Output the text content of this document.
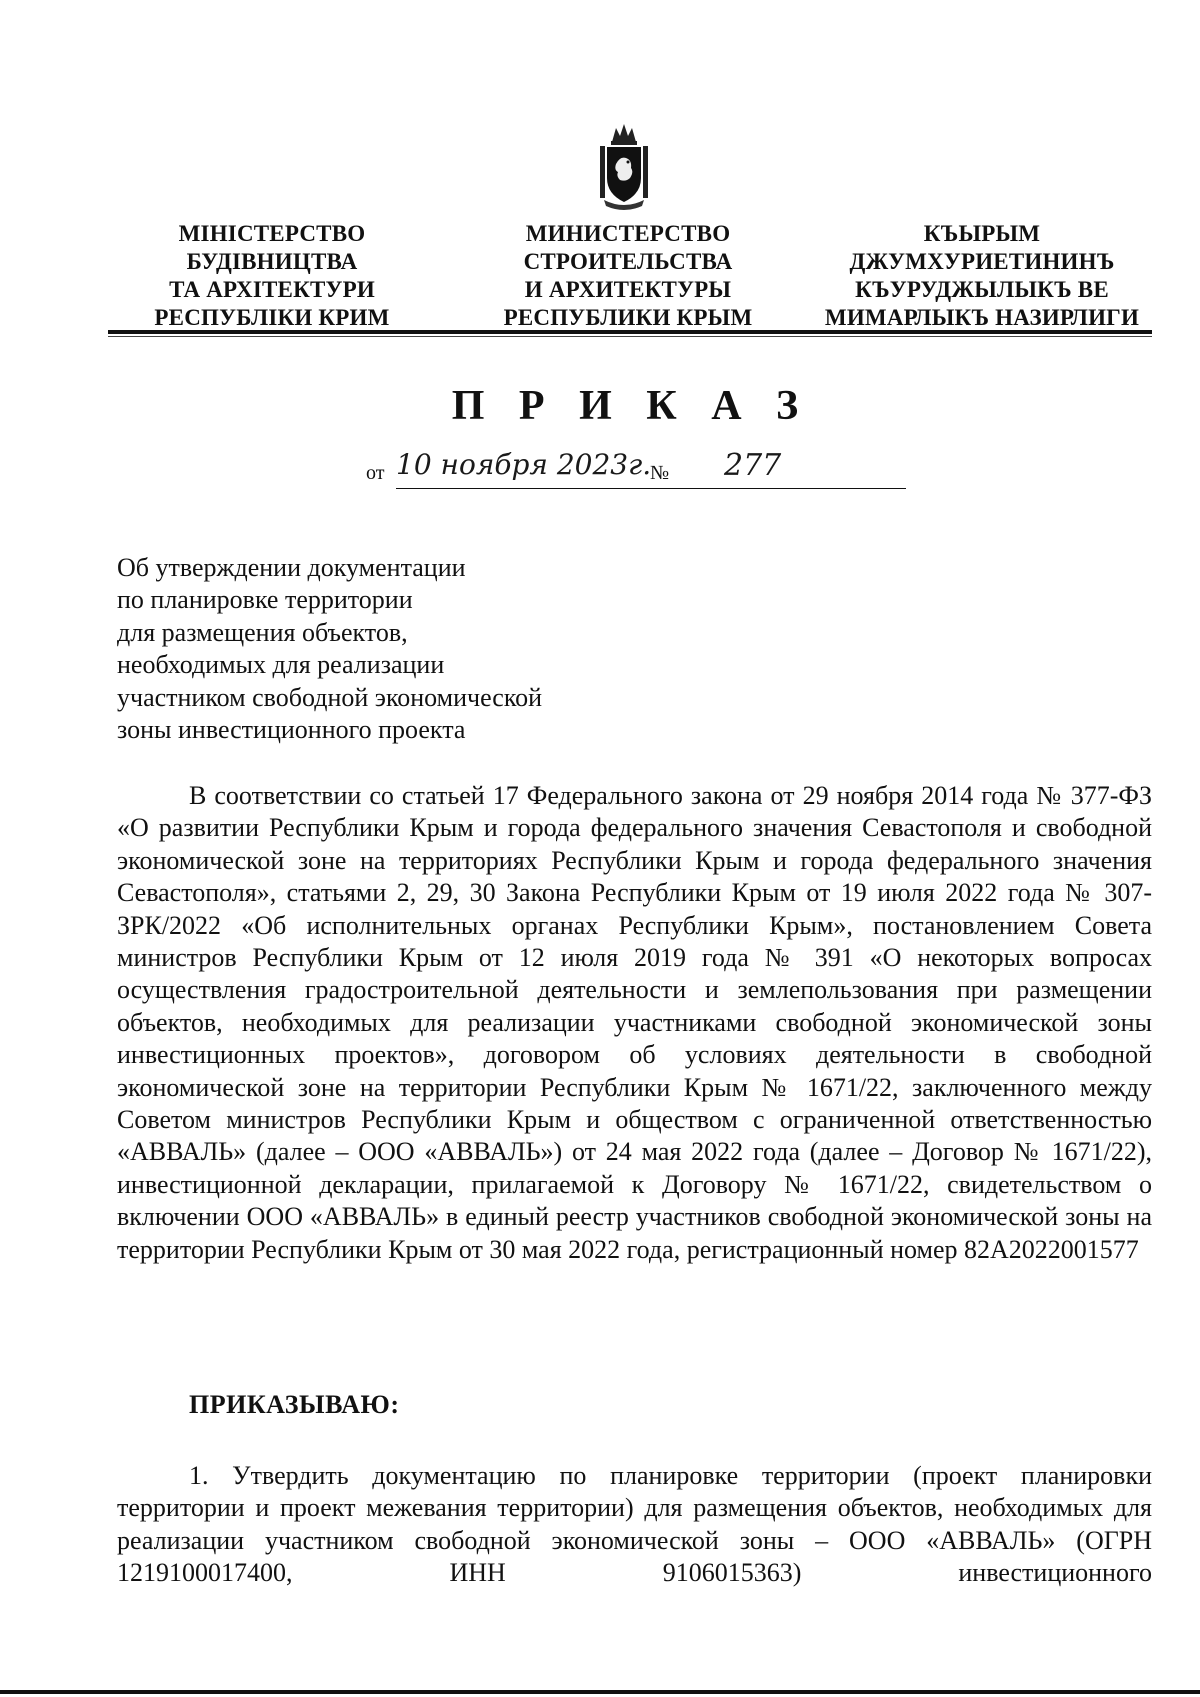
МІНІСТЕРСТВО
БУДІВНИЦТВА
ТА АРХІТЕКТУРИ
РЕСПУБЛІКИ КРИМ
МИНИСТЕРСТВО
СТРОИТЕЛЬСТВА
И АРХИТЕКТУРЫ
РЕСПУБЛИКИ КРЫМ
КЪЫРЫМ
ДЖУМХУРИЕТИНИНЪ
КЪУРУДЖЫЛЫКЪ ВЕ
МИМАРЛЫКЪ НАЗИРЛИГИ
П Р И К А З
от 10 ноября 2023г.
№ 277
Об утверждении документации
по планировке территории
для размещения объектов,
необходимых для реализации
участником свободной экономической
зоны инвестиционного проекта

В соответствии со статьей 17 Федерального закона от 29 ноября 2014 года № 377-ФЗ «О развитии Республики Крым и города федерального значения Севастополя и свободной экономической зоне на территориях Республики Крым и города федерального значения Севастополя», статьями 2, 29, 30 Закона Республики Крым от 19 июля 2022 года № 307-ЗРК/2022 «Об исполнительных органах Республики Крым», постановлением Совета министров Республики Крым от 12 июля 2019 года № 391 «О некоторых вопросах осуществления градостроительной деятельности и землепользования при размещении объектов, необходимых для реализации участниками свободной экономической зоны инвестиционных проектов», договором об условиях деятельности в свободной экономической зоне на территории Республики Крым № 1671/22, заключенного между Советом министров Республики Крым и обществом с ограниченной ответственностью «АВВАЛЬ» (далее – ООО «АВВАЛЬ») от 24 мая 2022 года (далее – Договор № 1671/22), инвестиционной декларации, прилагаемой к Договору № 1671/22, свидетельством о включении ООО «АВВАЛЬ» в единый реестр участников свободной экономической зоны на территории Республики Крым от 30 мая 2022 года, регистрационный номер 82А2022001577

ПРИКАЗЫВАЮ:

1. Утвердить документацию по планировке территории (проект планировки территории и проект межевания территории) для размещения объектов, необходимых для реализации участником свободной экономической зоны – ООО «АВВАЛЬ» (ОГРН 1219100017400, ИНН 9106015363) инвестиционного
